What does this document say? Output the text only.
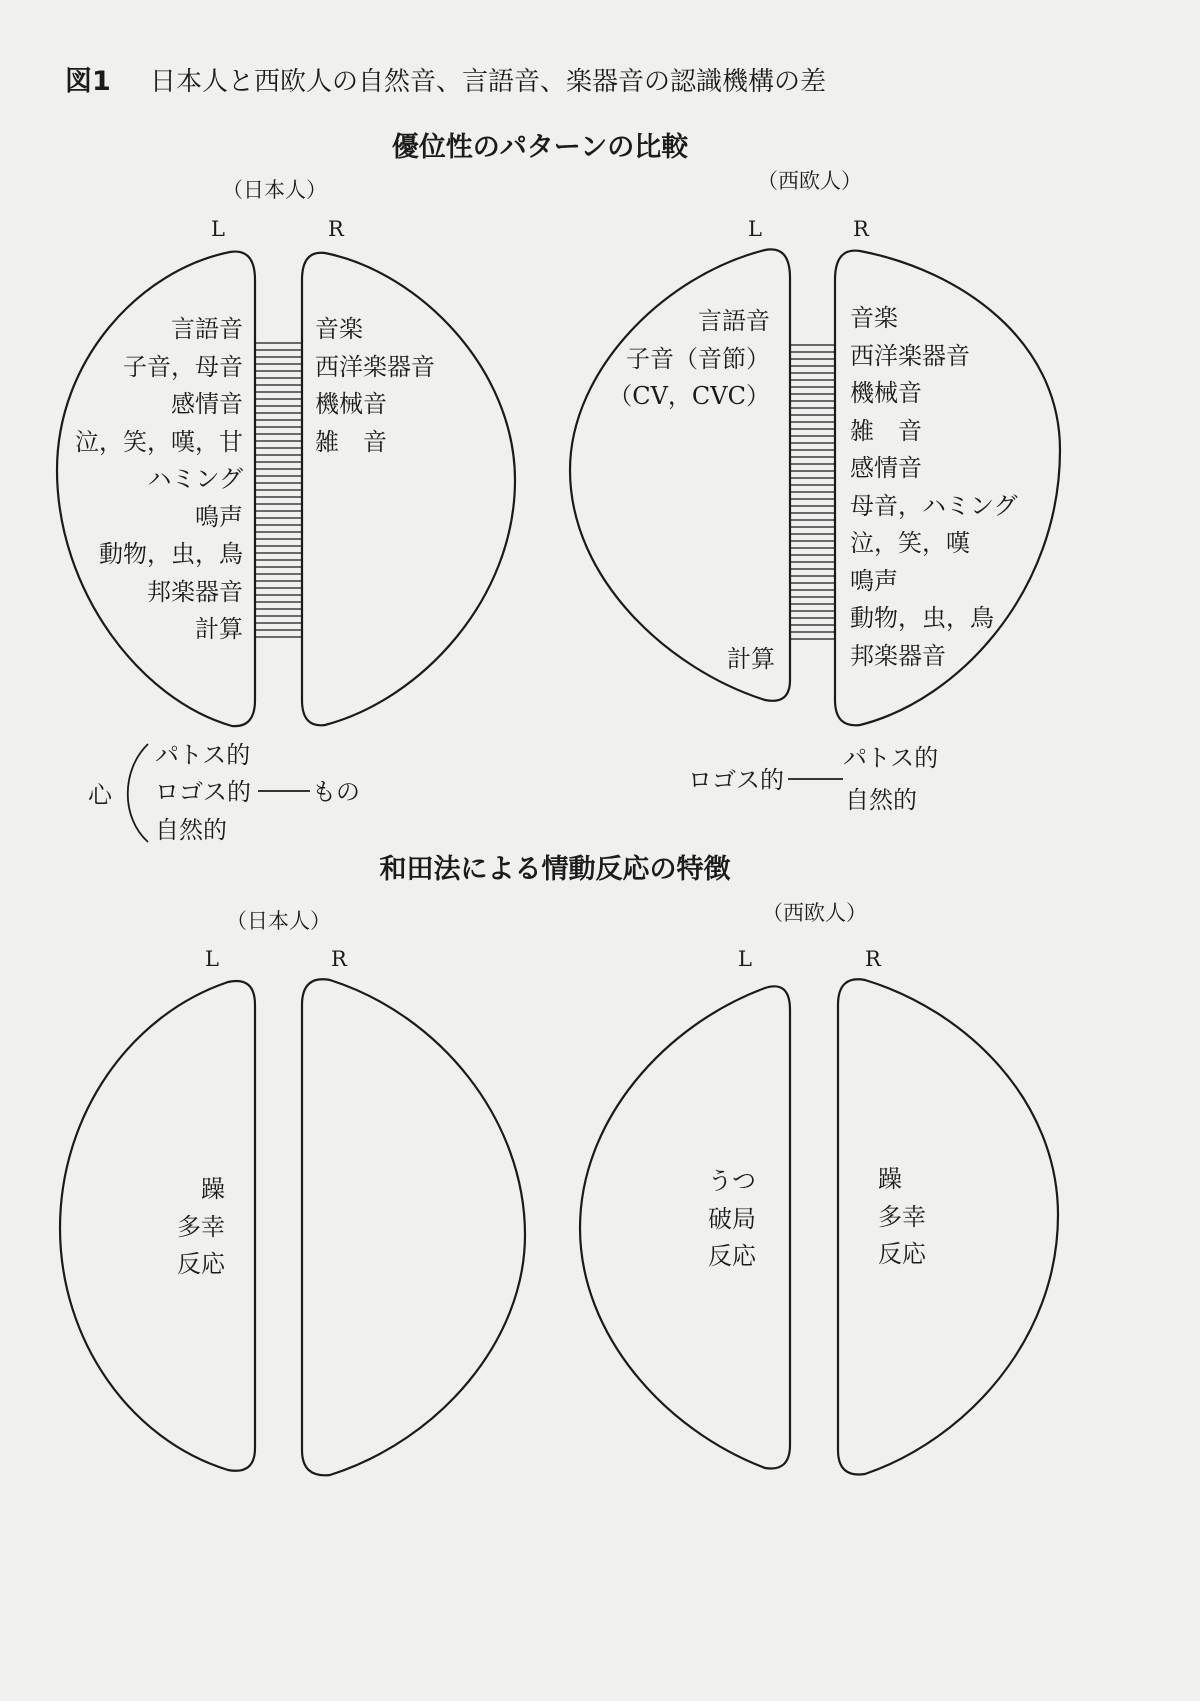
図1 日本人と西欧人の自然音、言語音、楽器音の認識機構の差
優位性のパターンの比較
（日本人）
L	R
言語音
子音，母音
感情音
泣，笑，嘆，甘
ハミング
鳴声
動物，虫，鳥
邦楽器音
計算
音楽
西洋楽器音
機械音
雑　音
心
パトス的
ロゴス的	もの
自然的
（西欧人）
L	R
言語音
子音（音節）
（CV，CVC）
計算
音楽
西洋楽器音
機械音
雑　音
感情音
母音，ハミング
泣，笑，嘆
鳴声
動物，虫，鳥
邦楽器音
ロゴス的
パトス的
自然的
和田法による情動反応の特徴
（日本人）
L	R
躁
多幸
反応
（西欧人）
L	R
うつ
破局
反応
躁
多幸
反応
